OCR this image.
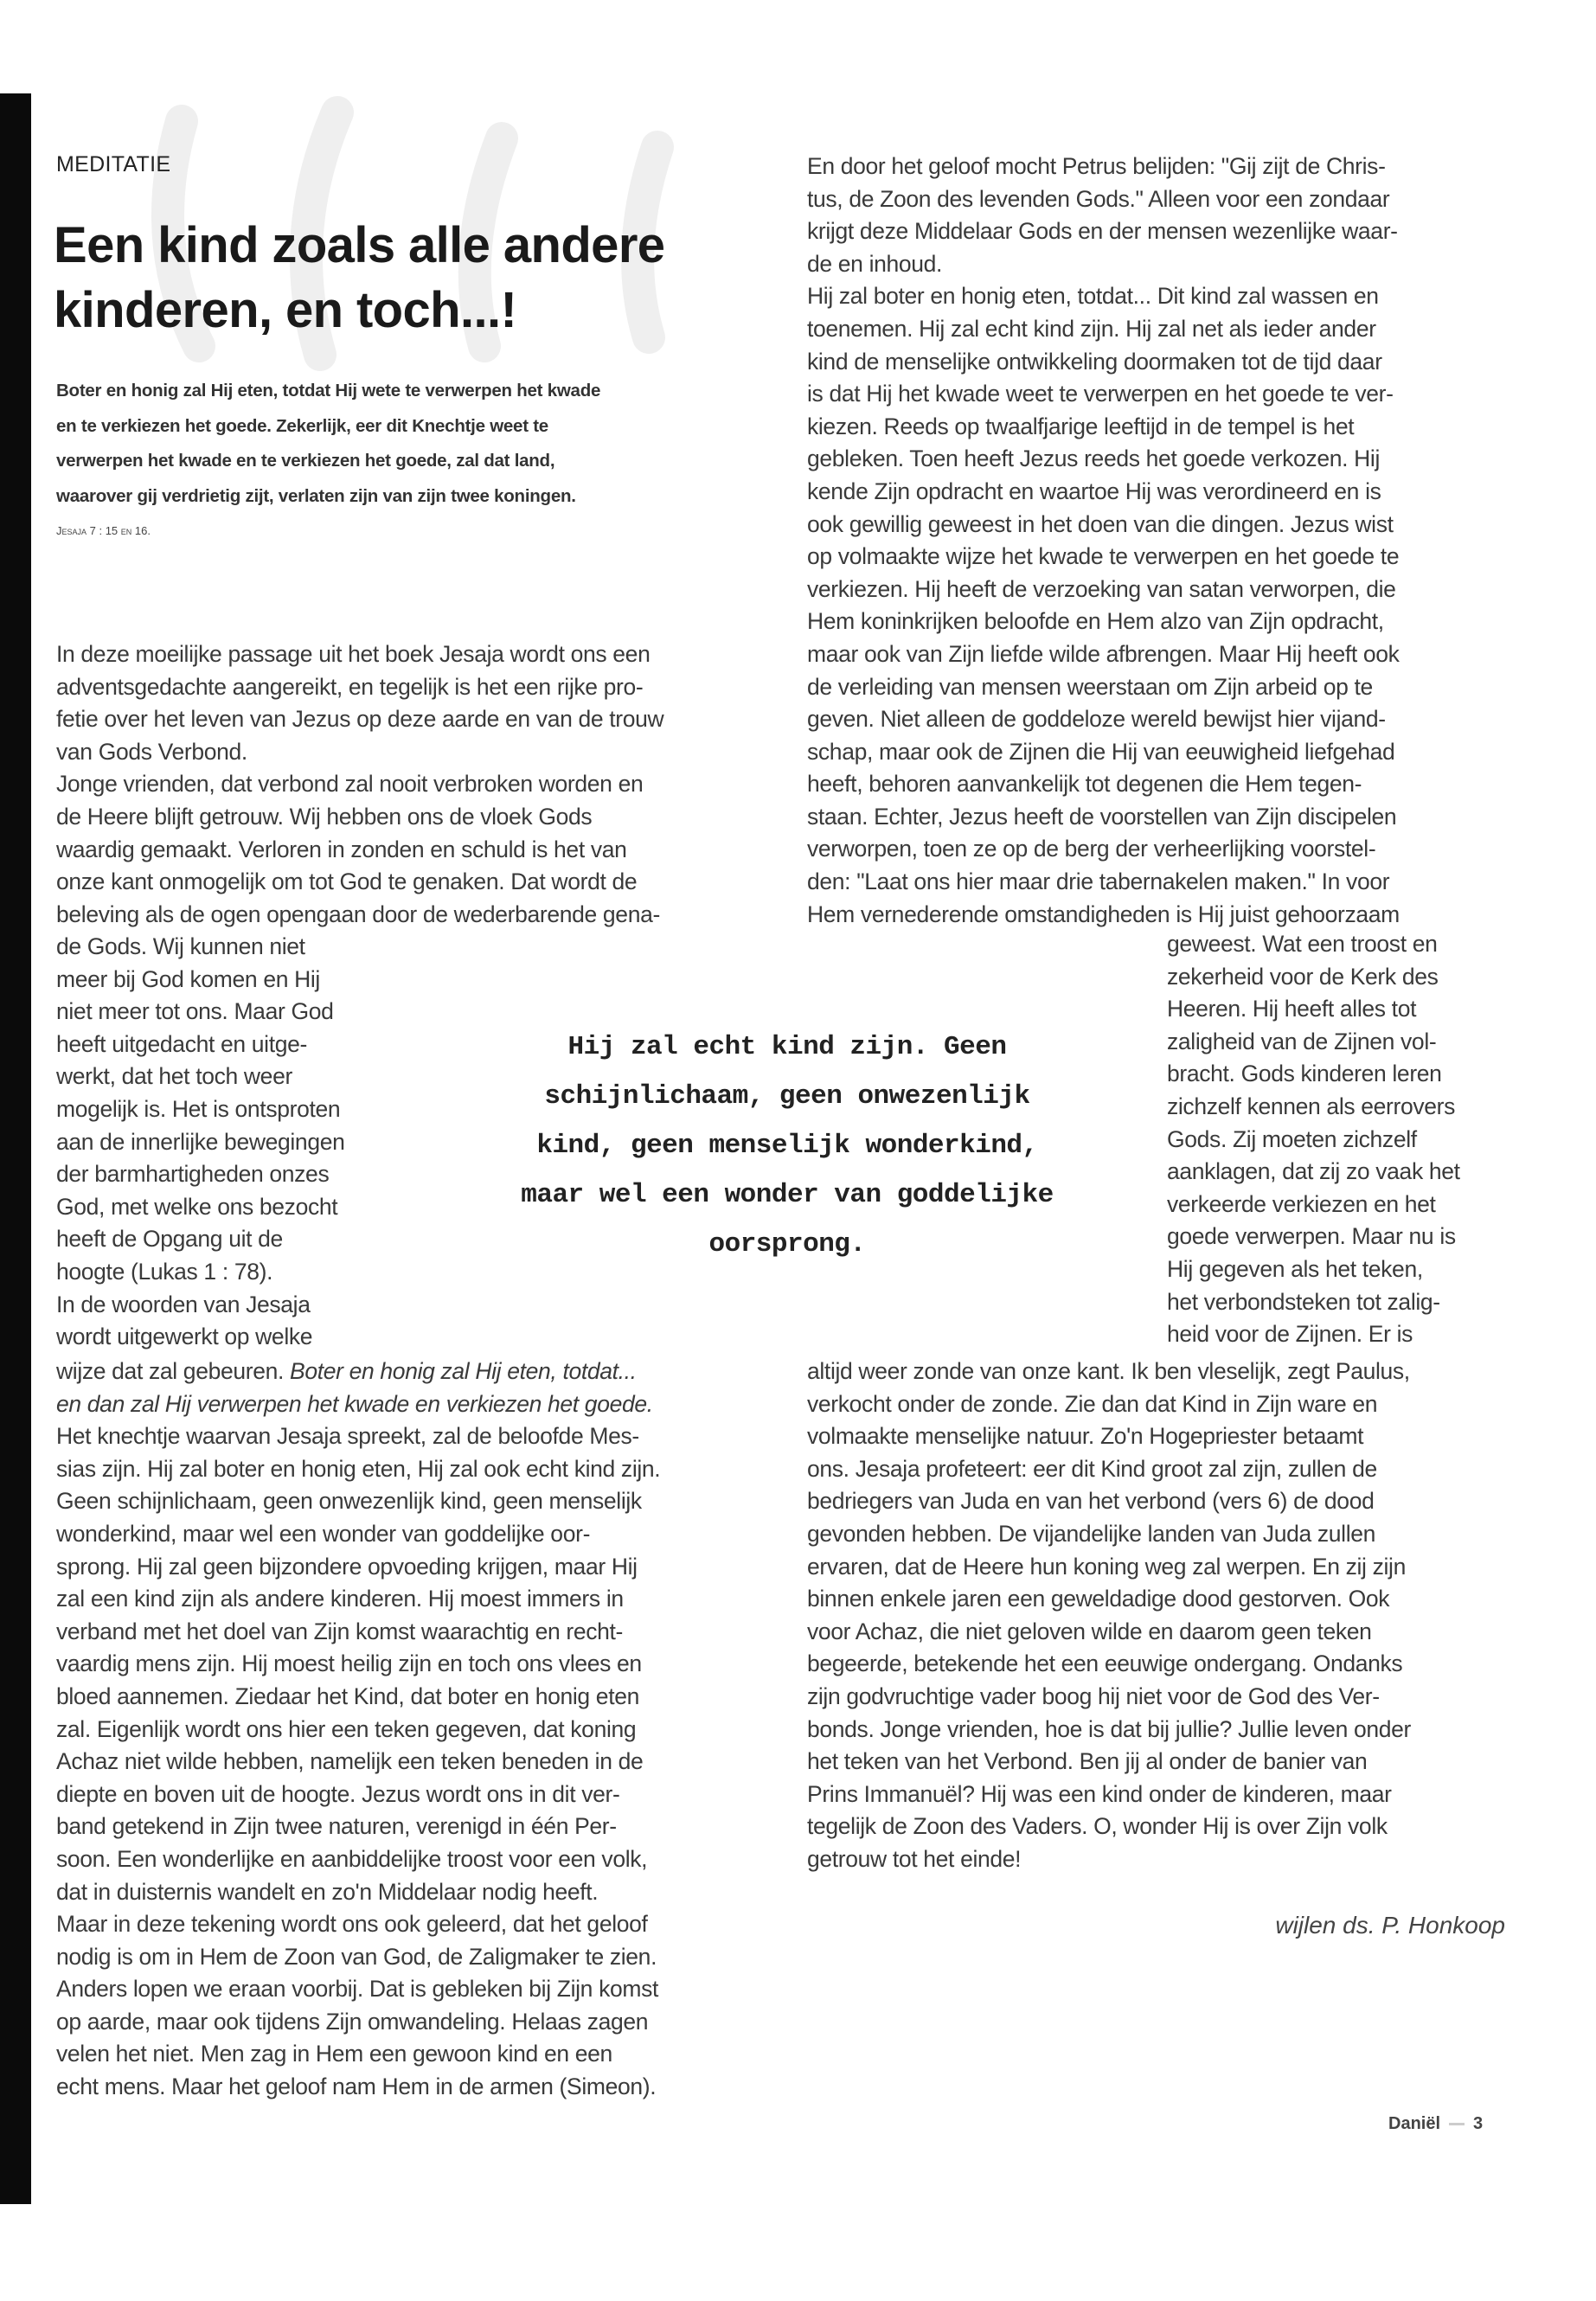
MEDITATIE
Een kind zoals alle andere
kinderen, en toch...!
Boter en honig zal Hij eten, totdat Hij wete te verwerpen het kwade
en te verkiezen het goede. Zekerlijk, eer dit Knechtje weet te
verwerpen het kwade en te verkiezen het goede, zal dat land,
waarover gij verdrietig zijt, verlaten zijn van zijn twee koningen.
Jesaja 7 : 15 en 16.
In deze moeilijke passage uit het boek Jesaja wordt ons een
adventsgedachte aangereikt, en tegelijk is het een rijke pro-
fetie over het leven van Jezus op deze aarde en van de trouw
van Gods Verbond.
Jonge vrienden, dat verbond zal nooit verbroken worden en
de Heere blijft getrouw. Wij hebben ons de vloek Gods
waardig gemaakt. Verloren in zonden en schuld is het van
onze kant onmogelijk om tot God te genaken. Dat wordt de
beleving als de ogen opengaan door de wederbarende gena-
de Gods. Wij kunnen niet
meer bij God komen en Hij
niet meer tot ons. Maar God
heeft uitgedacht en uitge-
werkt, dat het toch weer
mogelijk is. Het is ontsproten
aan de innerlijke bewegingen
der barmhartigheden onzes
God, met welke ons bezocht
heeft de Opgang uit de
hoogte (Lukas 1 : 78).
In de woorden van Jesaja
wordt uitgewerkt op welke
wijze dat zal gebeuren. Boter en honig zal Hij eten, totdat...
en dan zal Hij verwerpen het kwade en verkiezen het goede.
Het knechtje waarvan Jesaja spreekt, zal de beloofde Mes-
sias zijn. Hij zal boter en honig eten, Hij zal ook echt kind zijn.
Geen schijnlichaam, geen onwezenlijk kind, geen menselijk
wonderkind, maar wel een wonder van goddelijke oor-
sprong. Hij zal geen bijzondere opvoeding krijgen, maar Hij
zal een kind zijn als andere kinderen. Hij moest immers in
verband met het doel van Zijn komst waarachtig en recht-
vaardig mens zijn. Hij moest heilig zijn en toch ons vlees en
bloed aannemen. Ziedaar het Kind, dat boter en honig eten
zal. Eigenlijk wordt ons hier een teken gegeven, dat koning
Achaz niet wilde hebben, namelijk een teken beneden in de
diepte en boven uit de hoogte. Jezus wordt ons in dit ver-
band getekend in Zijn twee naturen, verenigd in één Per-
soon. Een wonderlijke en aanbiddelijke troost voor een volk,
dat in duisternis wandelt en zo'n Middelaar nodig heeft.
Maar in deze tekening wordt ons ook geleerd, dat het geloof
nodig is om in Hem de Zoon van God, de Zaligmaker te zien.
Anders lopen we eraan voorbij. Dat is gebleken bij Zijn komst
op aarde, maar ook tijdens Zijn omwandeling. Helaas zagen
velen het niet. Men zag in Hem een gewoon kind en een
echt mens. Maar het geloof nam Hem in de armen (Simeon).
En door het geloof mocht Petrus belijden: "Gij zijt de Chris-
tus, de Zoon des levenden Gods." Alleen voor een zondaar
krijgt deze Middelaar Gods en der mensen wezenlijke waar-
de en inhoud.
Hij zal boter en honig eten, totdat... Dit kind zal wassen en
toenemen. Hij zal echt kind zijn. Hij zal net als ieder ander
kind de menselijke ontwikkeling doormaken tot de tijd daar
is dat Hij het kwade weet te verwerpen en het goede te ver-
kiezen. Reeds op twaalfjarige leeftijd in de tempel is het
gebleken. Toen heeft Jezus reeds het goede verkozen. Hij
kende Zijn opdracht en waartoe Hij was verordineerd en is
ook gewillig geweest in het doen van die dingen. Jezus wist
op volmaakte wijze het kwade te verwerpen en het goede te
verkiezen. Hij heeft de verzoeking van satan verworpen, die
Hem koninkrijken beloofde en Hem alzo van Zijn opdracht,
maar ook van Zijn liefde wilde afbrengen. Maar Hij heeft ook
de verleiding van mensen weerstaan om Zijn arbeid op te
geven. Niet alleen de goddeloze wereld bewijst hier vijand-
schap, maar ook de Zijnen die Hij van eeuwigheid liefgehad
heeft, behoren aanvankelijk tot degenen die Hem tegen-
staan. Echter, Jezus heeft de voorstellen van Zijn discipelen
verworpen, toen ze op de berg der verheerlijking voorstel-
den: "Laat ons hier maar drie tabernakelen maken." In voor
Hem vernederende omstandigheden is Hij juist gehoorzaam
geweest. Wat een troost en
zekerheid voor de Kerk des
Heeren. Hij heeft alles tot
zaligheid van de Zijnen vol-
bracht. Gods kinderen leren
zichzelf kennen als eerrovers
Gods. Zij moeten zichzelf
aanklagen, dat zij zo vaak het
verkeerde verkiezen en het
goede verwerpen. Maar nu is
Hij gegeven als het teken,
het verbondsteken tot zalig-
heid voor de Zijnen. Er is
altijd weer zonde van onze kant. Ik ben vleselijk, zegt Paulus,
verkocht onder de zonde. Zie dan dat Kind in Zijn ware en
volmaakte menselijke natuur. Zo'n Hogepriester betaamt
ons. Jesaja profeteert: eer dit Kind groot zal zijn, zullen de
bedriegers van Juda en van het verbond (vers 6) de dood
gevonden hebben. De vijandelijke landen van Juda zullen
ervaren, dat de Heere hun koning weg zal werpen. En zij zijn
binnen enkele jaren een geweldadige dood gestorven. Ook
voor Achaz, die niet geloven wilde en daarom geen teken
begeerde, betekende het een eeuwige ondergang. Ondanks
zijn godvruchtige vader boog hij niet voor de God des Ver-
bonds. Jonge vrienden, hoe is dat bij jullie? Jullie leven onder
het teken van het Verbond. Ben jij al onder de banier van
Prins Immanuël? Hij was een kind onder de kinderen, maar
tegelijk de Zoon des Vaders. O, wonder Hij is over Zijn volk
getrouw tot het einde!
Hij zal echt kind zijn. Geen
schijnlichaam, geen onwezenlijk
kind, geen menselijk wonderkind,
maar wel een wonder van goddelijke
oorsprong.
wijlen ds. P. Honkoop
Daniël 3
